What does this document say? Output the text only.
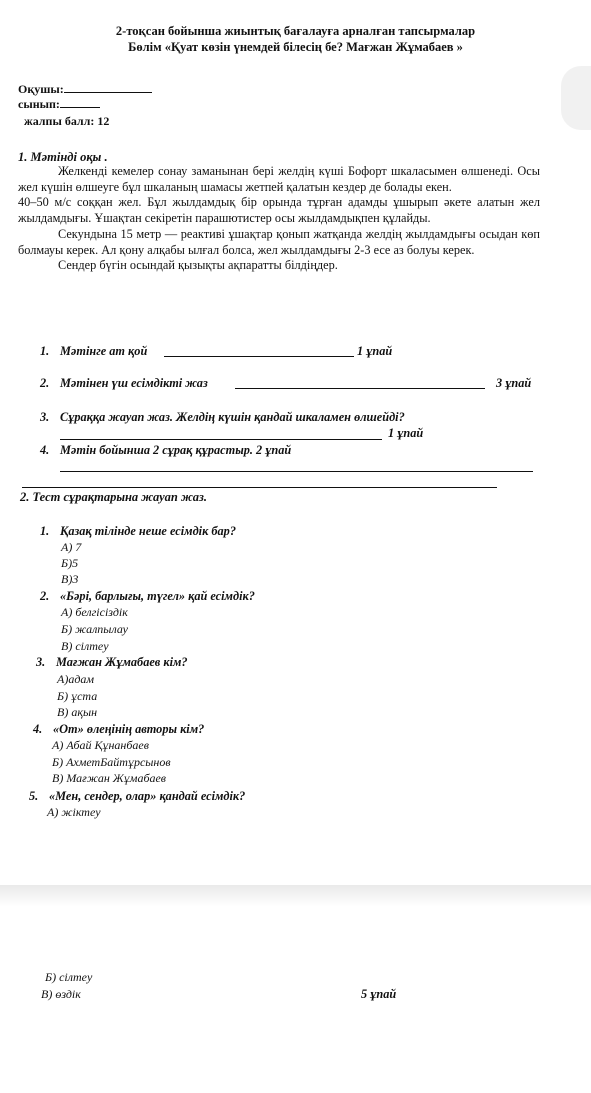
2-тоқсан бойынша жиынтық бағалауға арналған тапсырмалар
Бөлім «Қуат көзін үнемдей білесің бе? Мағжан Жұмабаев »
Оқушы:
сынып:
жалпы балл: 12
1. Мәтінді оқы .

Желкенді кемелер сонау заманынан бері желдің күші Бофорт шкаласымен өлшенеді. Осы жел күшін өлшеуге бұл шкаланың шамасы жетпей қалатын кездер де болады екен.

40–50 м/с соққан жел. Бұл жылдамдық бір орында тұрған адамды ұшырып әкете алатын жел жылдамдығы. Ұшақтан секіретін парашютистер осы жылдамдықпен құлайды.

Секундына 15 метр — реактиві ұшақтар қонып жатқанда желдің жылдамдығы осыдан көп болмауы керек. Ал қону алқабы ылғал болса, жел жылдамдығы 2-3 есе аз болуы керек.

Сендер бүгін осындай қызықты ақпаратты білдіңдер.

1. Мәтінге ат қой	1 ұпай
2. Мәтінен үш есімдікті жаз	3 ұпай
3. Сұраққа жауап жаз. Желдің күшін қандай шкаламен өлшейді?
1 ұпай
4. Мәтін бойынша 2 сұрақ құрастыр. 2 ұпай
2. Тест сұрақтарына жауап жаз.
1. Қазақ тілінде неше есімдік бар?
А) 7
Б)5
В)3
2. «Бәрі, барлығы, түгел» қай есімдік?
А) белгісіздік
Б) жалпылау
В) сілтеу
3. Мағжан Жұмабаев кім?
А)адам
Б) ұста
В) ақын
4. «От» өлеңінің авторы кім?
А) Абай Құнанбаев
Б) АхметБайтұрсынов
В) Мағжан Жұмабаев
5. «Мен, сендер, олар» қандай есімдік?
А) жіктеу
Б) сілтеу
В) өздік	5 ұпай
